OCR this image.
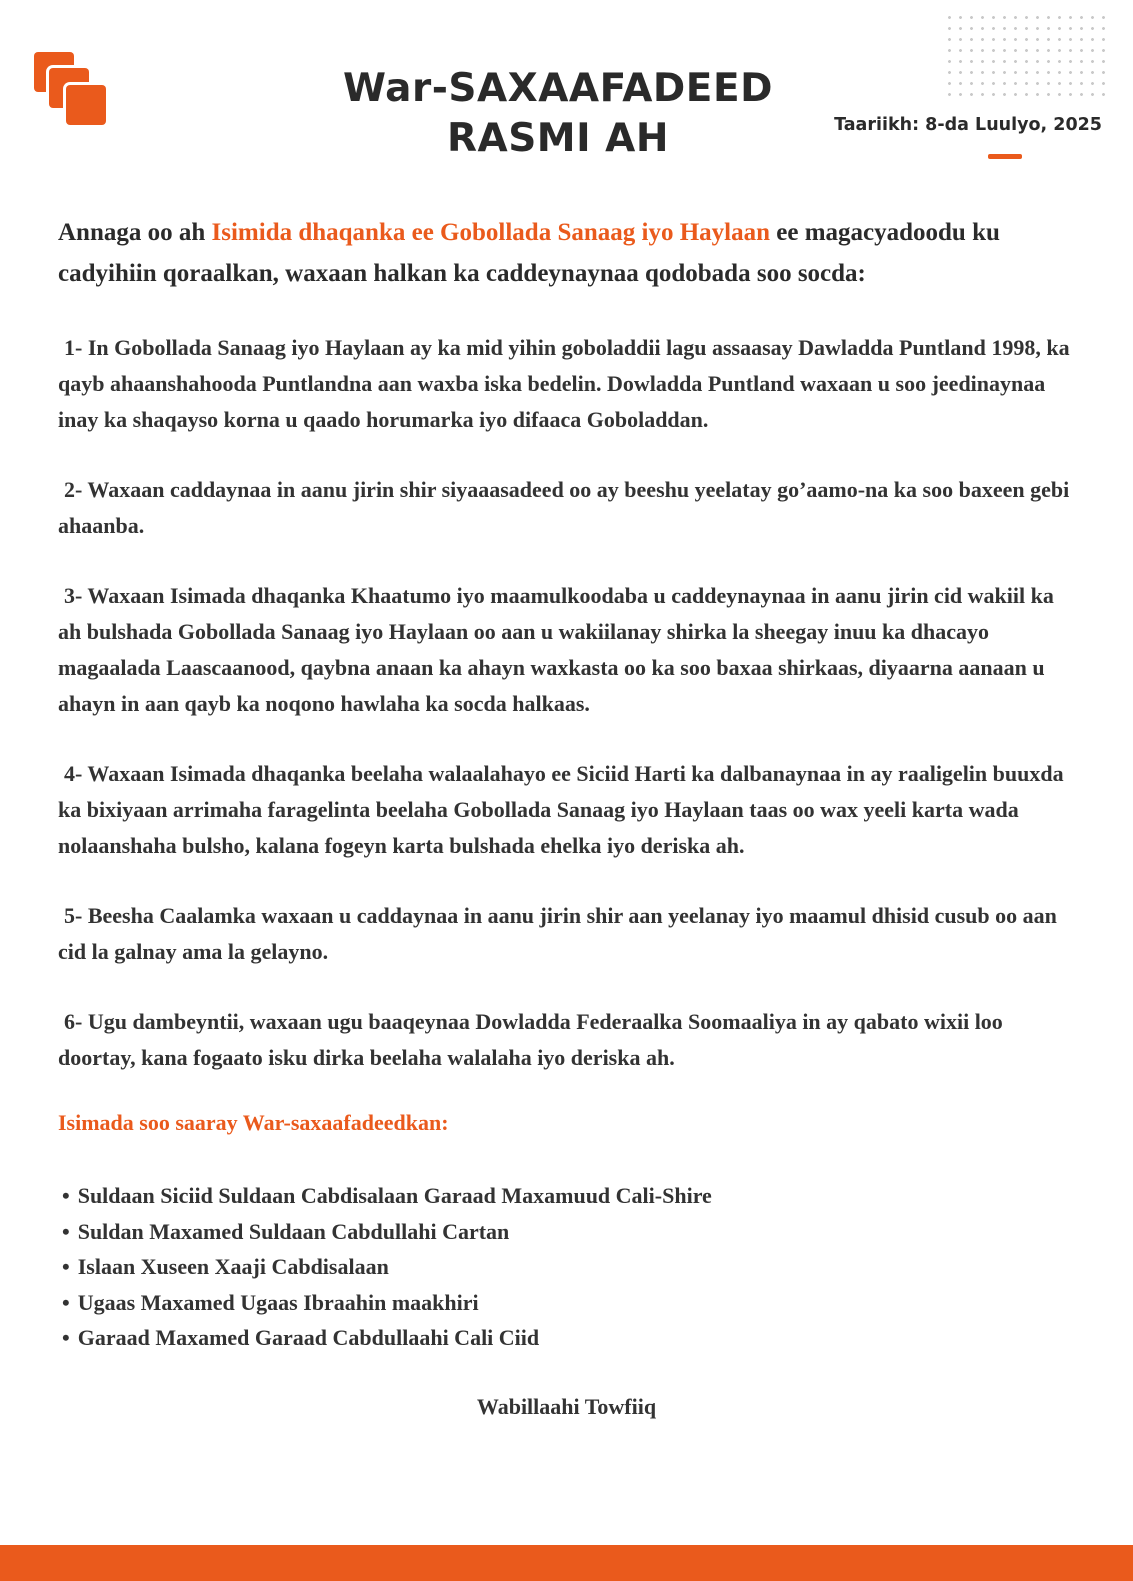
War-SAXAAFADEED
RASMI AH	Taariikh: 8-da Luulyo, 2025

Annaga oo ah Isimida dhaqanka ee Gobollada Sanaag iyo Haylaan ee magacyadoodu ku cadyihiin qoraalkan, waxaan halkan ka caddeynaynaa qodobada soo socda:

1- In Gobollada Sanaag iyo Haylaan ay ka mid yihin goboladdii lagu assaasay Dawladda Puntland 1998, ka qayb ahaanshahooda Puntlandna aan waxba iska bedelin. Dowladda Puntland waxaan u soo jeedinaynaa inay ka shaqayso korna u qaado horumarka iyo difaaca Goboladdan.
2- Waxaan caddaynaa in aanu jirin shir siyaaasadeed oo ay beeshu yeelatay go’aamo-na ka soo baxeen gebi ahaanba.
3- Waxaan Isimada dhaqanka Khaatumo iyo maamulkoodaba u caddeynaynaa in aanu jirin cid wakiil ka ah bulshada Gobollada Sanaag iyo Haylaan oo aan u wakiilanay shirka la sheegay inuu ka dhacayo magaalada Laascaanood, qaybna anaan ka ahayn waxkasta oo ka soo baxaa shirkaas, diyaarna aanaan u ahayn in aan qayb ka noqono hawlaha ka socda halkaas.
4- Waxaan Isimada dhaqanka beelaha walaalahayo ee Siciid Harti ka dalbanaynaa in ay raaligelin buuxda ka bixiyaan arrimaha faragelinta beelaha Gobollada Sanaag iyo Haylaan taas oo wax yeeli karta wada nolaanshaha bulsho, kalana fogeyn karta bulshada ehelka iyo deriska ah.
5- Beesha Caalamka waxaan u caddaynaa in aanu jirin shir aan yeelanay iyo maamul dhisid cusub oo aan cid la galnay ama la gelayno.
6- Ugu dambeyntii, waxaan ugu baaqeynaa Dowladda Federaalka Soomaaliya in ay qabato wixii loo doortay, kana fogaato isku dirka beelaha walalaha iyo deriska ah.
Isimada soo saaray War-saxaafadeedkan:
• Suldaan Siciid Suldaan Cabdisalaan Garaad Maxamuud Cali-Shire
• Suldan Maxamed Suldaan Cabdullahi Cartan
• Islaan Xuseen Xaaji Cabdisalaan
• Ugaas Maxamed Ugaas Ibraahin maakhiri
• Garaad Maxamed Garaad Cabdullaahi Cali Ciid

Wabillaahi Towfiiq
